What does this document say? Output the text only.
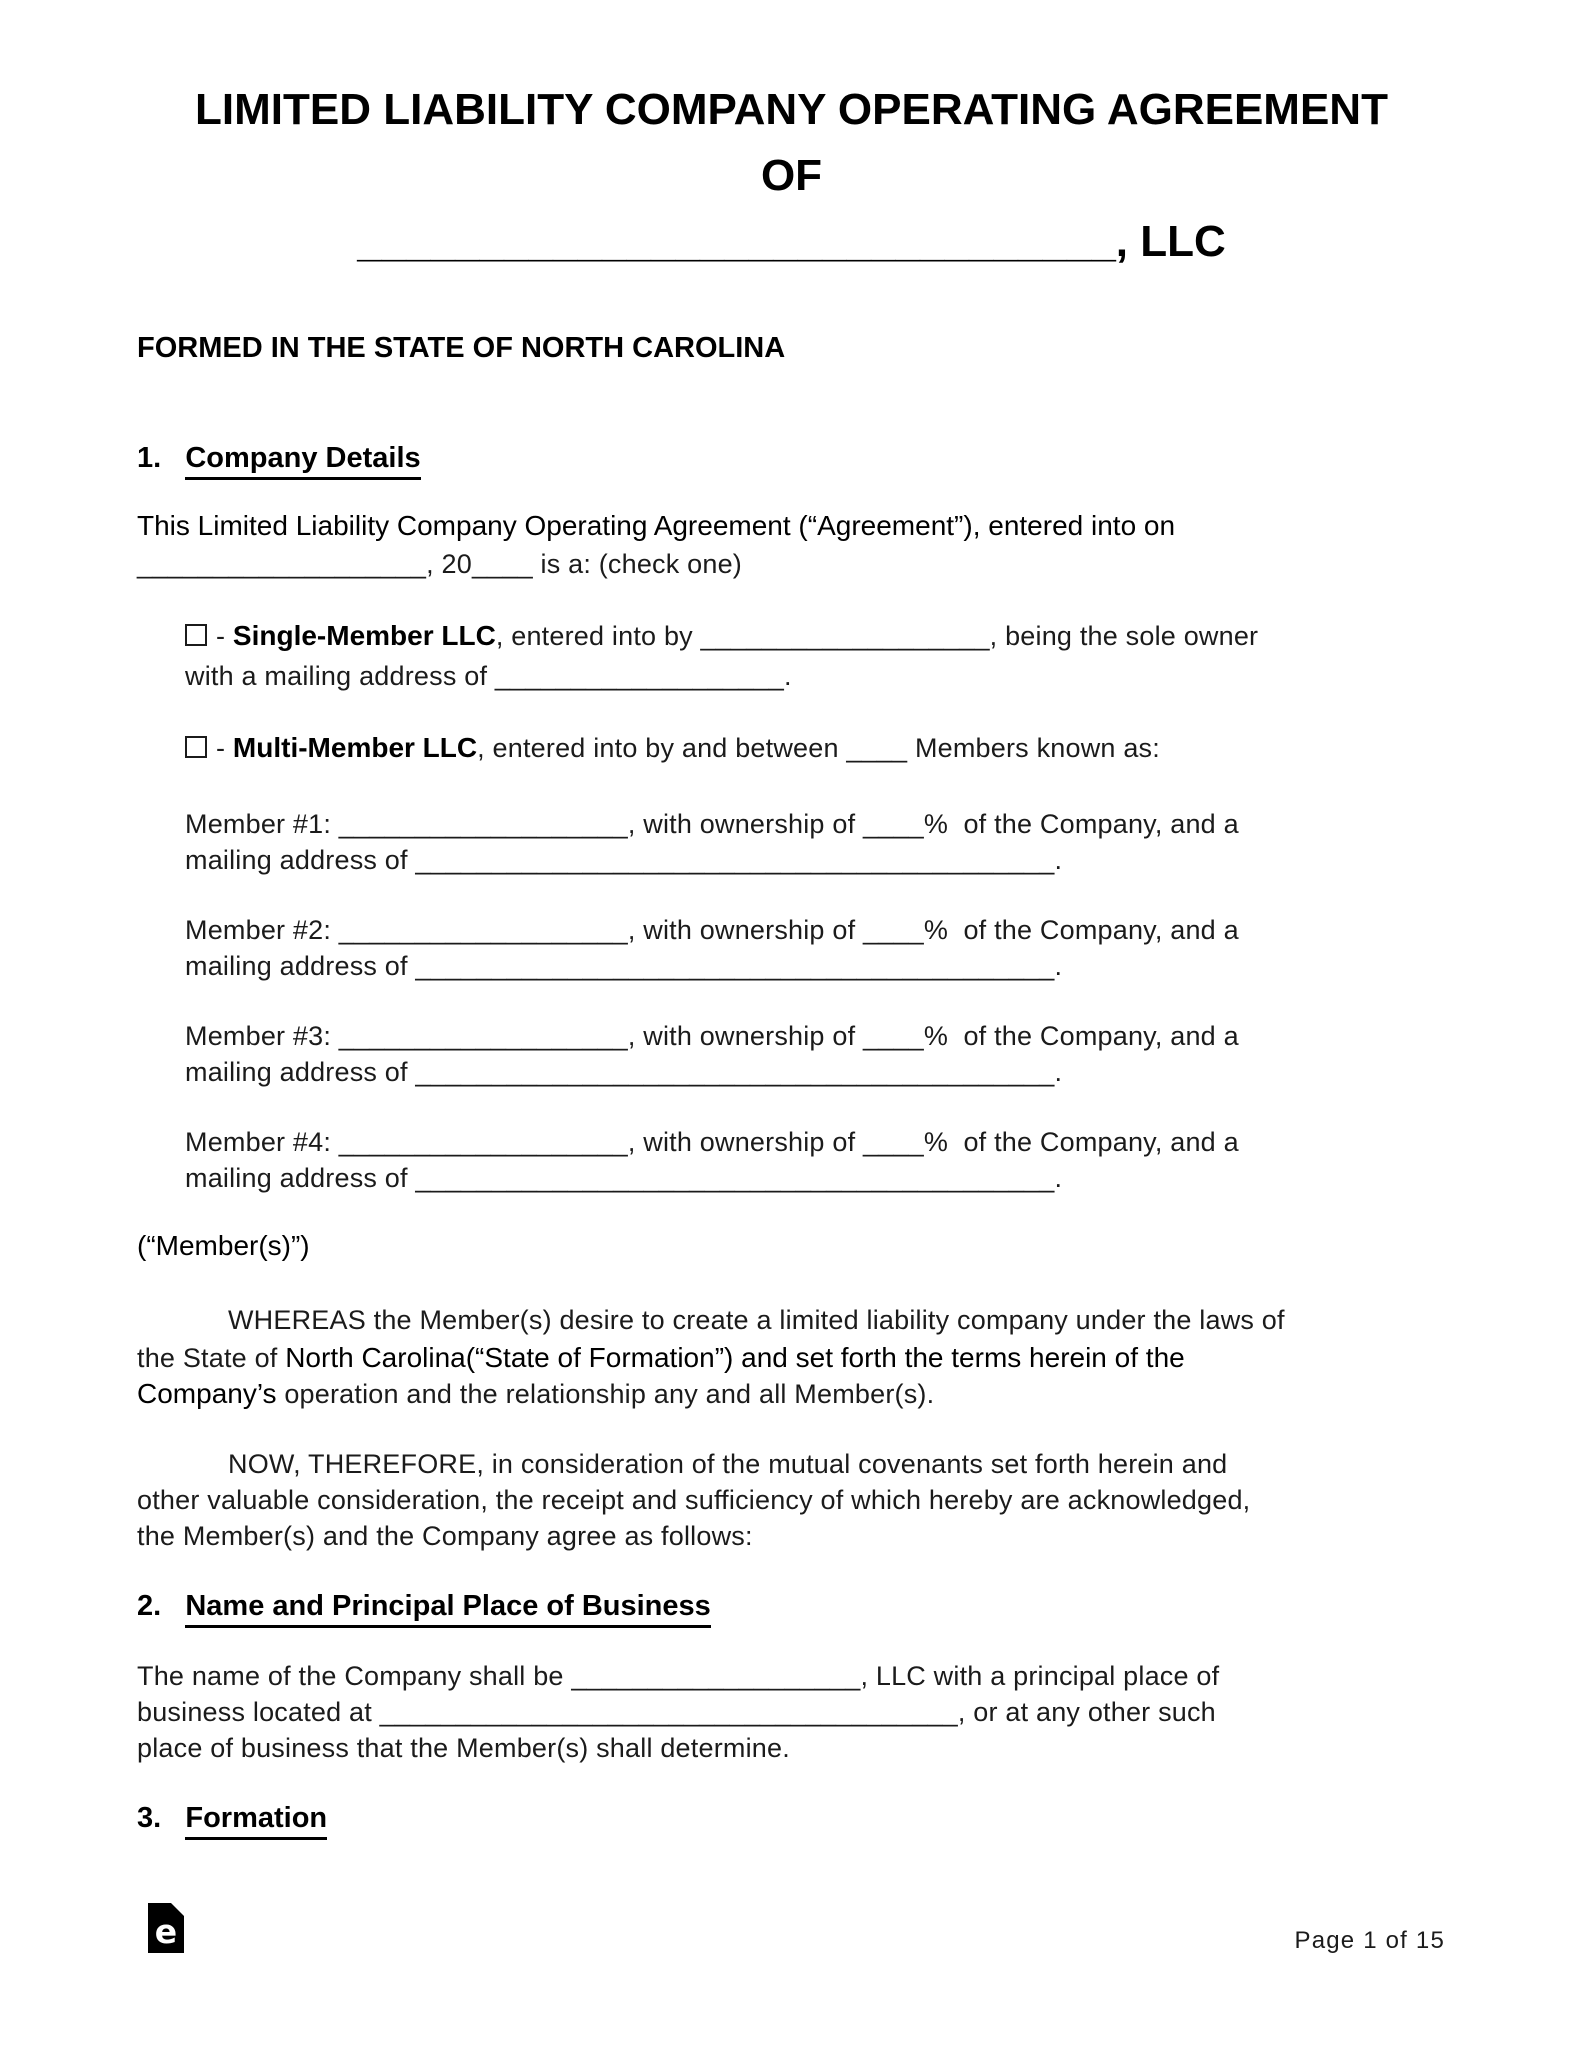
LIMITED LIABILITY COMPANY OPERATING AGREEMENT
OF
_______________________________, LLC
FORMED IN THE STATE OF NORTH CAROLINA
1. Company Details
This Limited Liability Company Operating Agreement (“Agreement”), entered into on
___________________, 20____ is a: (check one)
- Single-Member LLC, entered into by ___________________, being the sole owner
with a mailing address of ___________________.
- Multi-Member LLC, entered into by and between ____ Members known as:
Member #1: ___________________, with ownership of ____%  of the Company, and a
mailing address of __________________________________________.
Member #2: ___________________, with ownership of ____%  of the Company, and a
mailing address of __________________________________________.
Member #3: ___________________, with ownership of ____%  of the Company, and a
mailing address of __________________________________________.
Member #4: ___________________, with ownership of ____%  of the Company, and a
mailing address of __________________________________________.
(“Member(s)”)
WHEREAS the Member(s) desire to create a limited liability company under the laws of
the State of North Carolina(“State of Formation”) and set forth the terms herein of the
Company’s operation and the relationship any and all Member(s).
NOW, THEREFORE, in consideration of the mutual covenants set forth herein and
other valuable consideration, the receipt and sufficiency of which hereby are acknowledged,
the Member(s) and the Company agree as follows:
2. Name and Principal Place of Business
The name of the Company shall be ___________________, LLC with a principal place of
business located at ______________________________________, or at any other such
place of business that the Member(s) shall determine.
3. Formation
e	Page 1 of 15
